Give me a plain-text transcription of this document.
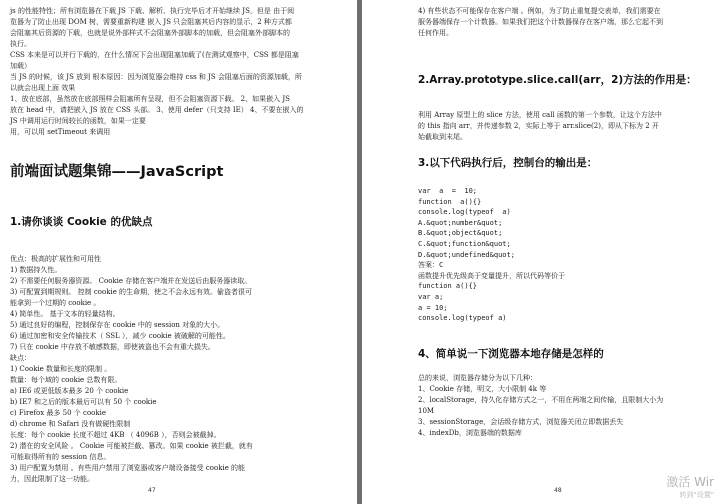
js 的性能特性；所有浏览器在下载 JS 下载、解析、执行完毕后才开始继续 JS，但是 由于阅
览器为了防止出现 DOM 树，需要重新构建 嵌入 JS 只会阻塞其后内容的显示，2 种方式都
会阻塞其后资源的下载，也就是说外部样式不会阻塞外部脚本的加载，但会阻塞外部脚本的
执行。
CSS 本来是可以并行下载的，在什么情况下会出现阻塞加载了(在测试观察中，CSS 都是阻塞
加载）
当 JS 的时候，该 JS 放到 根本原因：因为浏览器会维持 css 和 JS 会阻塞后面的资源加载，所
以就会出现上面 效果
1、放在底部，虽然放在底部照样会阻塞所有呈现，但不会阻塞资源下载。 2、如果嵌入 JS
放在 head 中，请把嵌入 JS 放在 CSS 头部。 3、使用 defer（只支持 IE） 4、不要在嵌入的
JS 中调用运行时间较长的函数，如果一定要
用，可以用 setTimeout 来调用

前端面试题集锦——JavaScript
1.请你谈谈 Cookie 的优缺点

优点：极高的扩展性和可用性
1) 数据持久性。
2) 不需要任何服务器资源。 Cookie 存储在客户端并在发送后由服务器读取。
3) 可配置到期规则。 控制 cookie 的生命期，使之不会永远有效。偷盗者很可
能拿到一个过期的 cookie 。
4) 简单性。 基于文本的轻量结构。
5) 通过良好的编程，控制保存在 cookie 中的 session 对象的大小。
6) 通过加密和安全传输技术（ SSL ），减少 cookie 被破解的可能性。
7) 只在 cookie 中存放不敏感数据，即使被盗也不会有重大损失。
缺点：
1) Cookie 数量和长度的限制 。
数量：每个域的 cookie 总数有限。
a) IE6 或更低版本最多 20 个 cookie
b) IE7 和之后的版本最后可以有 50 个 cookie
c) Firefox 最多 50 个 cookie
d) chrome 和 Safari 没有做硬性限制
长度：每个 cookie 长度不超过 4KB （ 4096B ），否则会被截掉。
2) 潜在的安全风险 。 Cookie 可能被拦截、篡改。如果 cookie 被拦截，就有
可能取得所有的 session 信息。
3) 用户配置为禁用 。有些用户禁用了浏览器或客户端设备接受 cookie 的能
力，因此限制了这一功能。

47

4) 有些状态不可能保存在客户端 。例如，为了防止重复提交表单，我们需要在
服务器端保存一个计数器。如果我们把这个计数器保存在客户端，那么它起不到
任何作用。

2.Array.prototype.slice.call(arr，2)方法的作用是：

利用 Array 原型上的 slice 方法，使用 call 函数的第一个参数，让这个方法中
的 this 指向 arr，并传递参数 2，实际上等于 arr.slice(2)，即从下标为 2 开
始截取到末尾。

3.以下代码执行后，控制台的输出是：
var  a  =  10;
function  a(){}
console.log(typeof  a)
A.&quot;number&quot;
B.&quot;object&quot;
C.&quot;function&quot;
D.&quot;undefined&quot;
答案：C
函数提升优先级高于变量提升，所以代码等价于
function a(){}
var a;
a = 10;
console.log(typeof a)
4、简单说一下浏览器本地存储是怎样的

总的来说，浏览器存储分为以下几种：
1、Cookie 存储，明文，大小限制 4k 等
2、localStorage，持久化存储方式之一，不用在两端之间传输，且限制大小为
10M
3、sessionStorage，会话级存储方式，浏览器关闭立即数据丢失
4、indexDb，浏览器端的数据库

48
激活 Wir
转到"设置"
